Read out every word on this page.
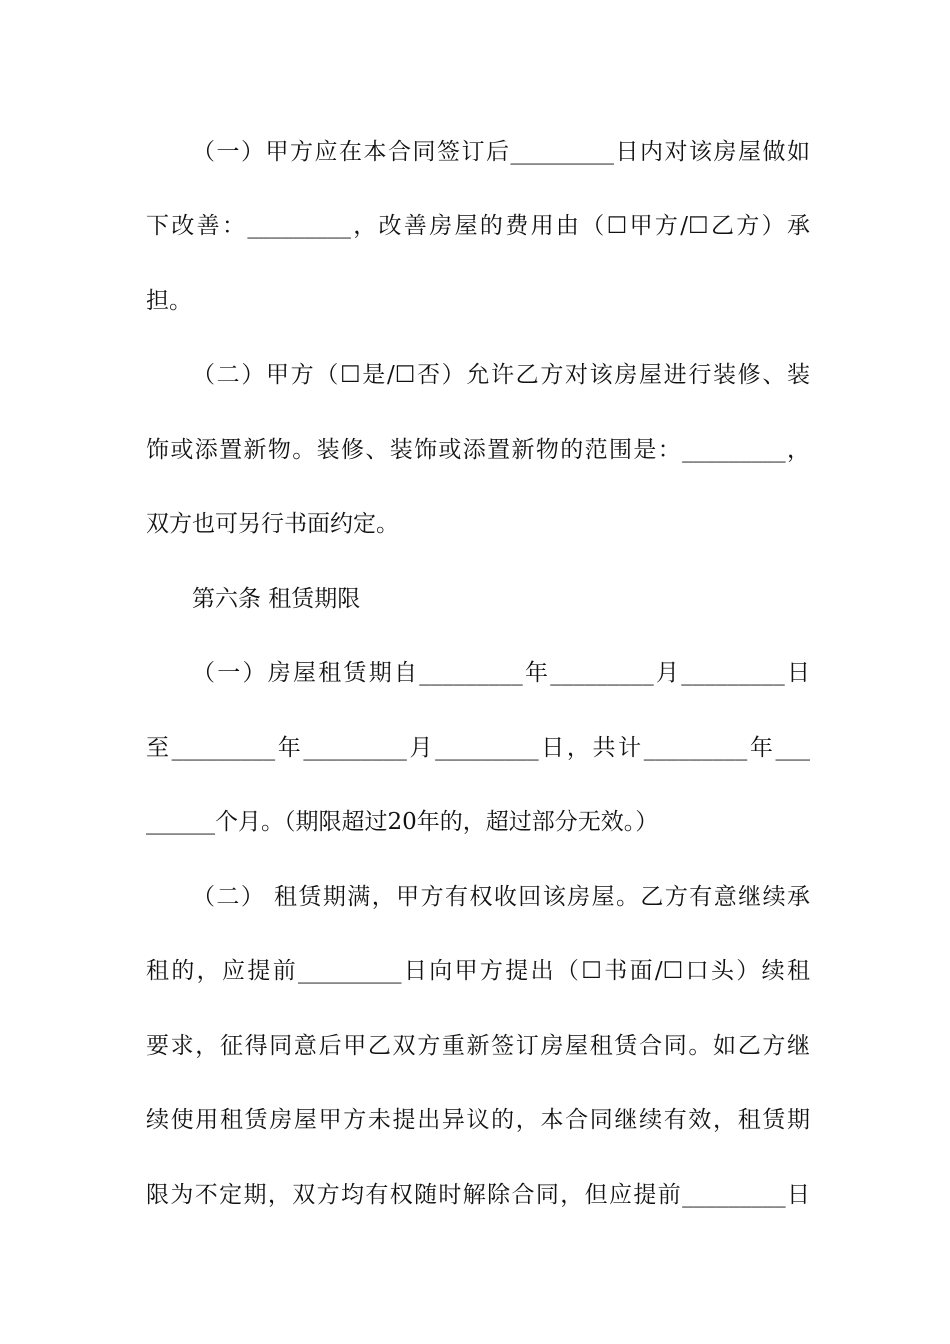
（一）甲方应在本合同签订后_________日内对该房屋做如
下改善：_________，改善房屋的费用由（☐甲方/☐乙方）承
担。
（二）甲方（☐是/☐否）允许乙方对该房屋进行装修、装
饰或添置新物。装修、装饰或添置新物的范围是：_________，
双方也可另行书面约定。
第六条 租赁期限
（一）房屋租赁期自_________年_________月_________日
至_________年_________月_________日，共计_________年___
______个月。（期限超过20年的，超过部分无效。）
（二） 租赁期满，甲方有权收回该房屋。乙方有意继续承
租的，应提前_________日向甲方提出（☐书面/☐口头）续租
要求，征得同意后甲乙双方重新签订房屋租赁合同。如乙方继
续使用租赁房屋甲方未提出异议的，本合同继续有效，租赁期
限为不定期，双方均有权随时解除合同，但应提前_________日
